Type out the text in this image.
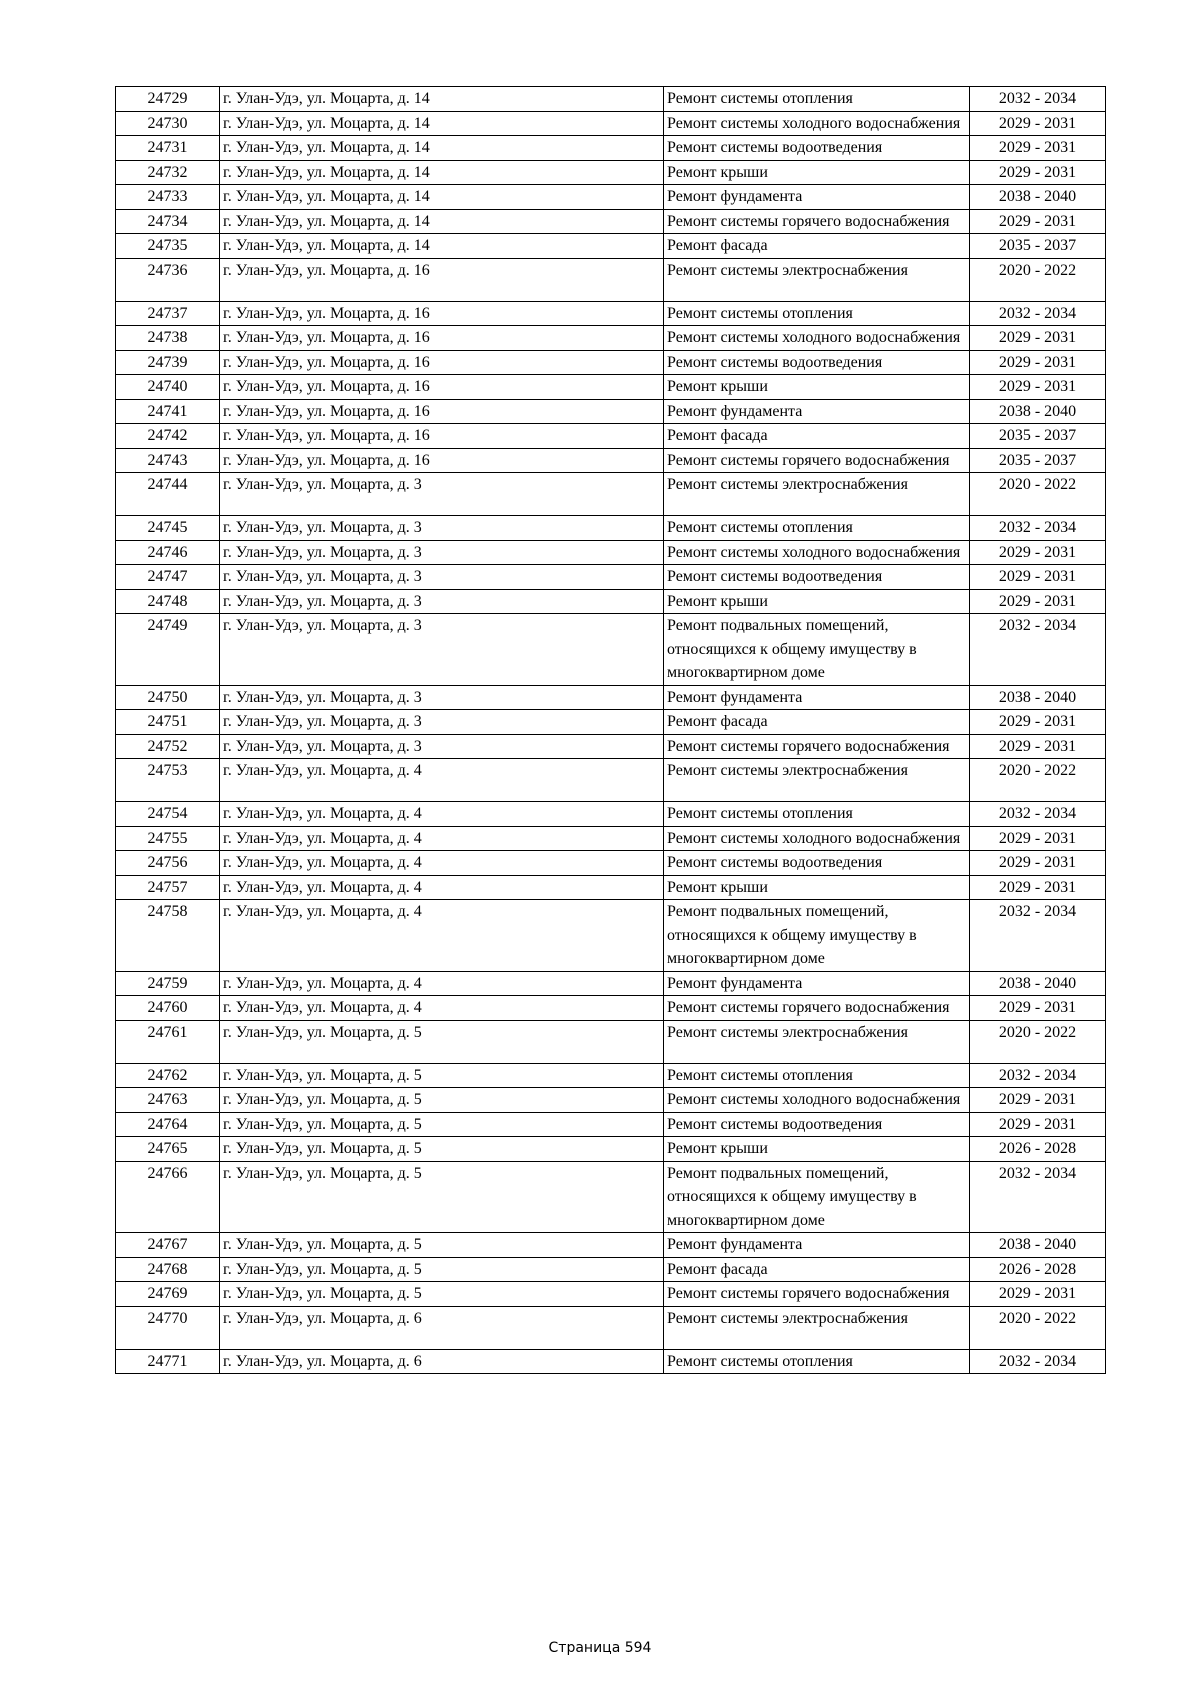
24729	г. Улан-Удэ, ул. Моцарта, д. 14	Ремонт системы отопления	2032 - 2034
24730	г. Улан-Удэ, ул. Моцарта, д. 14	Ремонт системы холодного водоснабжения	2029 - 2031
24731	г. Улан-Удэ, ул. Моцарта, д. 14	Ремонт системы водоотведения	2029 - 2031
24732	г. Улан-Удэ, ул. Моцарта, д. 14	Ремонт крыши	2029 - 2031
24733	г. Улан-Удэ, ул. Моцарта, д. 14	Ремонт фундамента	2038 - 2040
24734	г. Улан-Удэ, ул. Моцарта, д. 14	Ремонт системы горячего водоснабжения	2029 - 2031
24735	г. Улан-Удэ, ул. Моцарта, д. 14	Ремонт фасада	2035 - 2037
24736	г. Улан-Удэ, ул. Моцарта, д. 16	Ремонт системы электроснабжения	2020 - 2022
24737	г. Улан-Удэ, ул. Моцарта, д. 16	Ремонт системы отопления	2032 - 2034
24738	г. Улан-Удэ, ул. Моцарта, д. 16	Ремонт системы холодного водоснабжения	2029 - 2031
24739	г. Улан-Удэ, ул. Моцарта, д. 16	Ремонт системы водоотведения	2029 - 2031
24740	г. Улан-Удэ, ул. Моцарта, д. 16	Ремонт крыши	2029 - 2031
24741	г. Улан-Удэ, ул. Моцарта, д. 16	Ремонт фундамента	2038 - 2040
24742	г. Улан-Удэ, ул. Моцарта, д. 16	Ремонт фасада	2035 - 2037
24743	г. Улан-Удэ, ул. Моцарта, д. 16	Ремонт системы горячего водоснабжения	2035 - 2037
24744	г. Улан-Удэ, ул. Моцарта, д. 3	Ремонт системы электроснабжения	2020 - 2022
24745	г. Улан-Удэ, ул. Моцарта, д. 3	Ремонт системы отопления	2032 - 2034
24746	г. Улан-Удэ, ул. Моцарта, д. 3	Ремонт системы холодного водоснабжения	2029 - 2031
24747	г. Улан-Удэ, ул. Моцарта, д. 3	Ремонт системы водоотведения	2029 - 2031
24748	г. Улан-Удэ, ул. Моцарта, д. 3	Ремонт крыши	2029 - 2031
24749	г. Улан-Удэ, ул. Моцарта, д. 3	Ремонт подвальных помещений, относящихся к общему имуществу в многоквартирном доме	2032 - 2034
24750	г. Улан-Удэ, ул. Моцарта, д. 3	Ремонт фундамента	2038 - 2040
24751	г. Улан-Удэ, ул. Моцарта, д. 3	Ремонт фасада	2029 - 2031
24752	г. Улан-Удэ, ул. Моцарта, д. 3	Ремонт системы горячего водоснабжения	2029 - 2031
24753	г. Улан-Удэ, ул. Моцарта, д. 4	Ремонт системы электроснабжения	2020 - 2022
24754	г. Улан-Удэ, ул. Моцарта, д. 4	Ремонт системы отопления	2032 - 2034
24755	г. Улан-Удэ, ул. Моцарта, д. 4	Ремонт системы холодного водоснабжения	2029 - 2031
24756	г. Улан-Удэ, ул. Моцарта, д. 4	Ремонт системы водоотведения	2029 - 2031
24757	г. Улан-Удэ, ул. Моцарта, д. 4	Ремонт крыши	2029 - 2031
24758	г. Улан-Удэ, ул. Моцарта, д. 4	Ремонт подвальных помещений, относящихся к общему имуществу в многоквартирном доме	2032 - 2034
24759	г. Улан-Удэ, ул. Моцарта, д. 4	Ремонт фундамента	2038 - 2040
24760	г. Улан-Удэ, ул. Моцарта, д. 4	Ремонт системы горячего водоснабжения	2029 - 2031
24761	г. Улан-Удэ, ул. Моцарта, д. 5	Ремонт системы электроснабжения	2020 - 2022
24762	г. Улан-Удэ, ул. Моцарта, д. 5	Ремонт системы отопления	2032 - 2034
24763	г. Улан-Удэ, ул. Моцарта, д. 5	Ремонт системы холодного водоснабжения	2029 - 2031
24764	г. Улан-Удэ, ул. Моцарта, д. 5	Ремонт системы водоотведения	2029 - 2031
24765	г. Улан-Удэ, ул. Моцарта, д. 5	Ремонт крыши	2026 - 2028
24766	г. Улан-Удэ, ул. Моцарта, д. 5	Ремонт подвальных помещений, относящихся к общему имуществу в многоквартирном доме	2032 - 2034
24767	г. Улан-Удэ, ул. Моцарта, д. 5	Ремонт фундамента	2038 - 2040
24768	г. Улан-Удэ, ул. Моцарта, д. 5	Ремонт фасада	2026 - 2028
24769	г. Улан-Удэ, ул. Моцарта, д. 5	Ремонт системы горячего водоснабжения	2029 - 2031
24770	г. Улан-Удэ, ул. Моцарта, д. 6	Ремонт системы электроснабжения	2020 - 2022
24771	г. Улан-Удэ, ул. Моцарта, д. 6	Ремонт системы отопления	2032 - 2034
Страница 594
